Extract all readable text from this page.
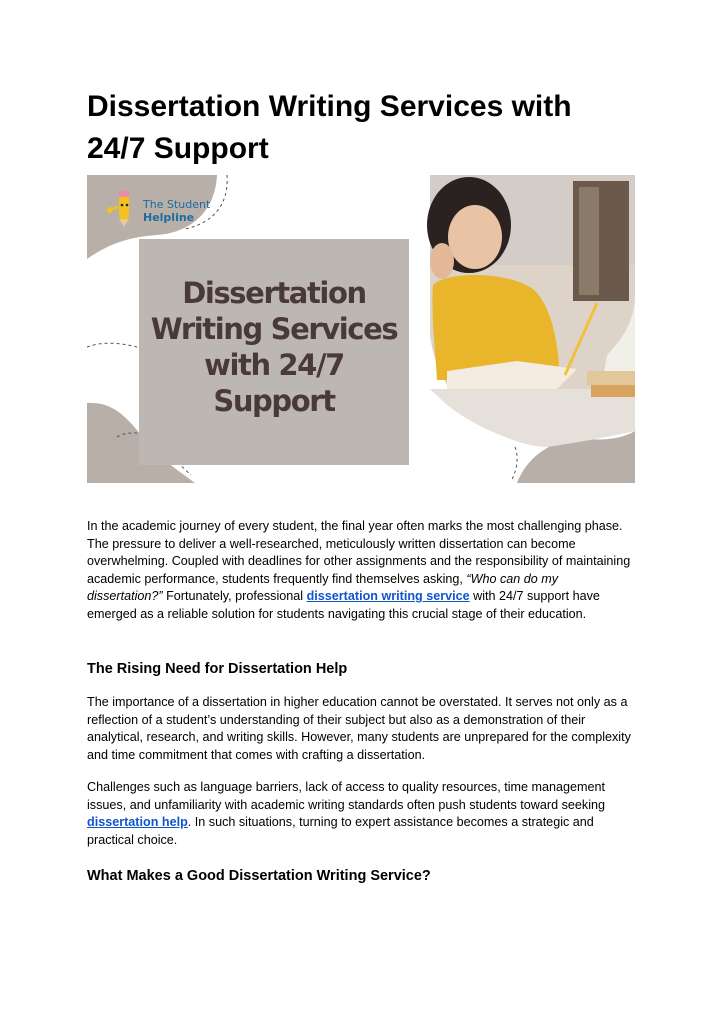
Dissertation Writing Services with 24/7 Support
The Student
Helpline
Dissertation
Writing Services
with 24/7
Support

In the academic journey of every student, the final year often marks the most challenging phase. The pressure to deliver a well-researched, meticulously written dissertation can become overwhelming. Coupled with deadlines for other assignments and the responsibility of maintaining academic performance, students frequently find themselves asking, “Who can do my dissertation?” Fortunately, professional dissertation writing service with 24/7 support have emerged as a reliable solution for students navigating this crucial stage of their education.

The Rising Need for Dissertation Help

The importance of a dissertation in higher education cannot be overstated. It serves not only as a reflection of a student’s understanding of their subject but also as a demonstration of their analytical, research, and writing skills. However, many students are unprepared for the complexity and time commitment that comes with crafting a dissertation.

Challenges such as language barriers, lack of access to quality resources, time management issues, and unfamiliarity with academic writing standards often push students toward seeking dissertation help. In such situations, turning to expert assistance becomes a strategic and practical choice.

What Makes a Good Dissertation Writing Service?
